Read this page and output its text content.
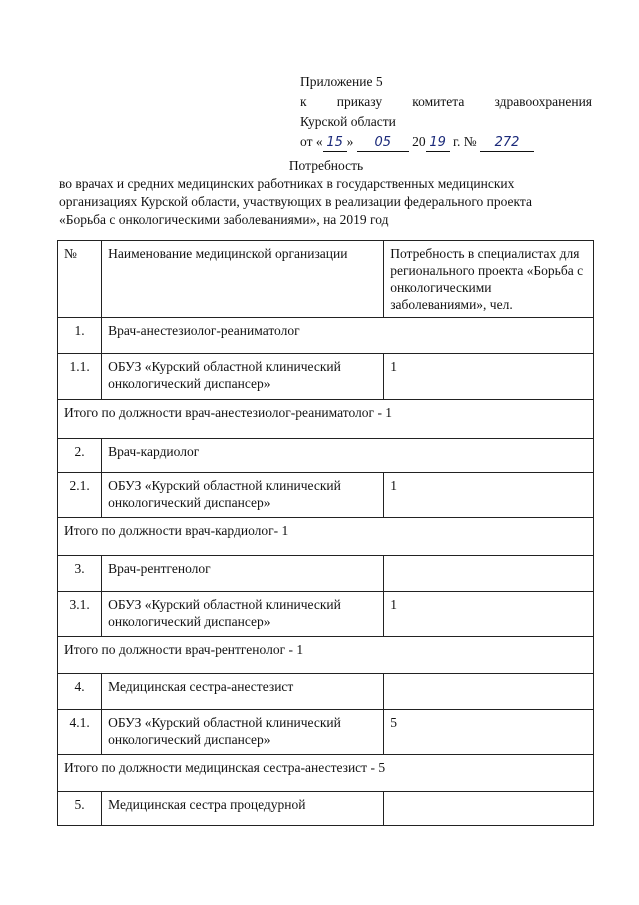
Приложение 5
к приказу комитета здравоохранения
Курской области
от « 15 » 05 20 19 г. № 272
Потребность
во врачах и средних медицинских работниках в государственных медицинских
организациях Курской области, участвующих в реализации федерального проекта
«Борьба с онкологическими заболеваниями», на 2019 год
№	Наименование медицинской организации	Потребность в специалистах для регионального проекта «Борьба с онкологическими заболеваниями», чел.
1.	Врач-анестезиолог-реаниматолог	
1.1.	ОБУЗ «Курский областной клинический онкологический диспансер»	1
Итого по должности врач-анестезиолог-реаниматолог - 1		
2.	Врач-кардиолог	
2.1.	ОБУЗ «Курский областной клинический онкологический диспансер»	1
Итого по должности врач-кардиолог- 1		
3.	Врач-рентгенолог	
3.1.	ОБУЗ «Курский областной клинический онкологический диспансер»	1
Итого по должности врач-рентгенолог - 1		
4.	Медицинская сестра-анестезист	
4.1.	ОБУЗ «Курский областной клинический онкологический диспансер»	5
Итого по должности медицинская сестра-анестезист - 5		
5.	Медицинская сестра процедурной	
